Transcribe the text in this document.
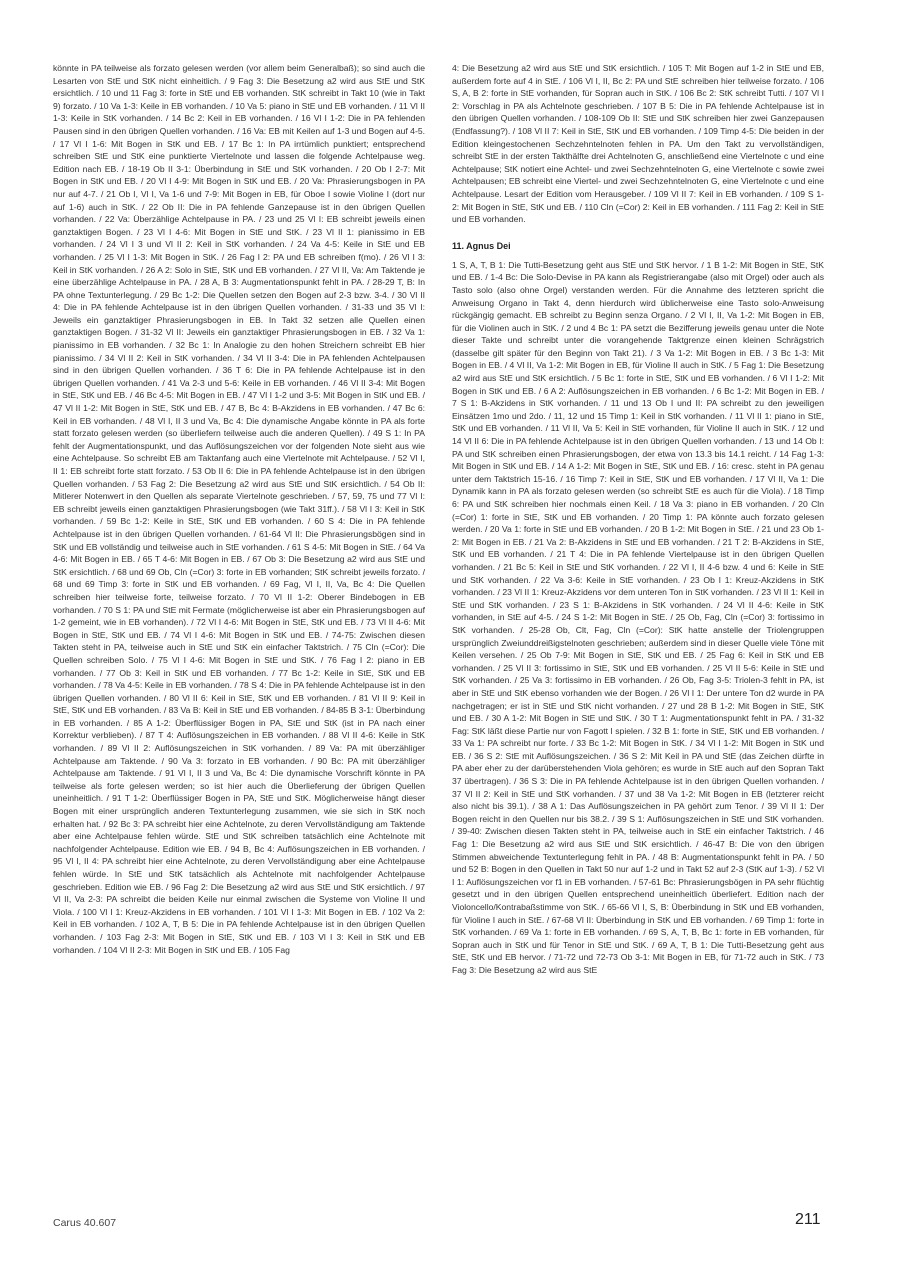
könnte in PA teilweise als forzato gelesen werden (vor allem beim Generalbaß); so sind auch die Lesarten von StE und StK nicht einheitlich. / 9 Fag 3: Die Besetzung a2 wird aus StE und StK ersichtlich. / 10 und 11 Fag 3: forte in StE und EB vorhanden. StK schreibt in Takt 10 (wie in Takt 9) forzato. / 10 Va 1-3: Keile in EB vorhanden. / 10 Va 5: piano in StE und EB vorhanden. / 11 Vl II 1-3: Keile in StK vorhanden. / 14 Bc 2: Keil in EB vorhanden. / 16 Vl I 1-2: Die in PA fehlenden Pausen sind in den übrigen Quellen vorhanden. / 16 Va: EB mit Keilen auf 1-3 und Bogen auf 4-5. / 17 Vl I 1-6: Mit Bogen in StK und EB. / 17 Bc 1: In PA irrtümlich punktiert; entsprechend schreiben StE und StK eine punktierte Viertelnote und lassen die folgende Achtelpause weg. Edition nach EB. / 18-19 Ob II 3-1: Überbindung in StE und StK vorhanden. / 20 Ob I 2-7: Mit Bogen in StK und EB. / 20 Vl I 4-9: Mit Bogen in StK und EB. / 20 Va: Phrasierungsbogen in PA nur auf 4-7. / 21 Ob I, Vl I, Va 1-6 und 7-9: Mit Bogen in EB, für Oboe I sowie Violine I (dort nur auf 1-6) auch in StK. / 22 Ob II: Die in PA fehlende Ganzepause ist in den übrigen Quellen vorhanden. / 22 Va: Überzählige Achtelpause in PA. / 23 und 25 Vl I: EB schreibt jeweils einen ganztaktigen Bogen. / 23 Vl I 4-6: Mit Bogen in StE und StK. / 23 Vl II 1: pianissimo in EB vorhanden. / 24 Vl I 3 und Vl II 2: Keil in StK vorhanden. / 24 Va 4-5: Keile in StE und EB vorhanden. / 25 Vl I 1-3: Mit Bogen in StK. / 26 Fag I 2: PA und EB schreiben f(mo). / 26 Vl I 3: Keil in StK vorhanden. / 26 A 2: Solo in StE, StK und EB vorhanden. / 27 Vl II, Va: Am Taktende je eine überzählige Achtelpause in PA. / 28 A, B 3: Augmentationspunkt fehlt in PA. / 28-29 T, B: In PA ohne Textunterlegung. / 29 Bc 1-2: Die Quellen setzen den Bogen auf 2-3 bzw. 3-4. / 30 Vl II 4: Die in PA fehlende Achtelpause ist in den übrigen Quellen vorhanden. / 31-33 und 35 Vl I: Jeweils ein ganztaktiger Phrasierungsbogen in EB. In Takt 32 setzen alle Quellen einen ganztaktigen Bogen. / 31-32 Vl II: Jeweils ein ganztaktiger Phrasierungsbogen in EB. / 32 Va 1: pianissimo in EB vorhanden. / 32 Bc 1: In Analogie zu den hohen Streichern schreibt EB hier pianissimo. / 34 Vl II 2: Keil in StK vorhanden. / 34 Vl II 3-4: Die in PA fehlenden Achtelpausen sind in den übrigen Quellen vorhanden. / 36 T 6: Die in PA fehlende Achtelpause ist in den übrigen Quellen vorhanden. / 41 Va 2-3 und 5-6: Keile in EB vorhanden. / 46 Vl II 3-4: Mit Bogen in StE, StK und EB. / 46 Bc 4-5: Mit Bogen in EB. / 47 Vl I 1-2 und 3-5: Mit Bogen in StK und EB. / 47 Vl II 1-2: Mit Bogen in StE, StK und EB. / 47 B, Bc 4: B-Akzidens in EB vorhanden. / 47 Bc 6: Keil in EB vorhanden. / 48 Vl I, II 3 und Va, Bc 4: Die dynamische Angabe könnte in PA als forte statt forzato gelesen werden (so überliefern teilweise auch die anderen Quellen). / 49 S 1: In PA fehlt der Augmentationspunkt, und das Auflösungszeichen vor der folgenden Note sieht aus wie eine Achtelpause. So schreibt EB am Taktanfang auch eine Viertelnote mit Achtelpause. / 52 Vl I, II 1: EB schreibt forte statt forzato. / 53 Ob II 6: Die in PA fehlende Achtelpause ist in den übrigen Quellen vorhanden. / 53 Fag 2: Die Besetzung a2 wird aus StE und StK ersichtlich. / 54 Ob II: Mitlerer Notenwert in den Quellen als separate Viertelnote geschrieben. / 57, 59, 75 und 77 Vl I: EB schreibt jeweils einen ganztaktigen Phrasierungsbogen (wie Takt 31ff.). / 58 Vl I 3: Keil in StK vorhanden. / 59 Bc 1-2: Keile in StE, StK und EB vorhanden. / 60 S 4: Die in PA fehlende Achtelpause ist in den übrigen Quellen vorhanden. / 61-64 Vl II: Die Phrasierungsbögen sind in StK und EB vollständig und teilweise auch in StE vorhanden. / 61 S 4-5: Mit Bogen in StE. / 64 Va 4-6: Mit Bogen in EB. / 65 T 4-6: Mit Bogen in EB. / 67 Ob 3: Die Besetzung a2 wird aus StE und StK ersichtlich. / 68 und 69 Ob, Cln (=Cor) 3: forte in EB vorhanden; StK schreibt jeweils forzato. / 68 und 69 Timp 3: forte in StK und EB vorhanden. / 69 Fag, Vl I, II, Va, Bc 4: Die Quellen schreiben hier teilweise forte, teilweise forzato. / 70 Vl II 1-2: Oberer Bindebogen in EB vorhanden. / 70 S 1: PA und StE mit Fermate (möglicherweise ist aber ein Phrasierungsbogen auf 1-2 gemeint, wie in EB vorhanden). / 72 Vl I 4-6: Mit Bogen in StE, StK und EB. / 73 Vl II 4-6: Mit Bogen in StE, StK und EB. / 74 Vl I 4-6: Mit Bogen in StK und EB. / 74-75: Zwischen diesen Takten steht in PA, teilweise auch in StE und StK ein einfacher Taktstrich. / 75 Cln (=Cor): Die Quellen schreiben Solo. / 75 Vl I 4-6: Mit Bogen in StE und StK. / 76 Fag I 2: piano in EB vorhanden. / 77 Ob 3: Keil in StK und EB vorhanden. / 77 Bc 1-2: Keile in StE, StK und EB vorhanden. / 78 Va 4-5: Keile in EB vorhanden. / 78 S 4: Die in PA fehlende Achtelpause ist in den übrigen Quellen vorhanden. / 80 Vl II 6: Keil in StE, StK und EB vorhanden. / 81 Vl II 9: Keil in StE, StK und EB vorhanden. / 83 Va B: Keil in StE und EB vorhanden. / 84-85 B 3-1: Überbindung in EB vorhanden. / 85 A 1-2: Überflüssiger Bogen in PA, StE und StK (ist in PA nach einer Korrektur verblieben). / 87 T 4: Auflösungszeichen in EB vorhanden. / 88 Vl II 4-6: Keile in StK vorhanden. / 89 Vl II 2: Auflösungszeichen in StK vorhanden. / 89 Va: PA mit überzähliger Achtelpause am Taktende. / 90 Va 3: forzato in EB vorhanden. / 90 Bc: PA mit überzähliger Achtelpause am Taktende. / 91 Vl I, II 3 und Va, Bc 4: Die dynamische Vorschrift könnte in PA teilweise als forte gelesen werden; so ist hier auch die Überlieferung der übrigen Quellen uneinheitlich. / 91 T 1-2: Überflüssiger Bogen in PA, StE und StK. Möglicherweise hängt dieser Bogen mit einer ursprünglich anderen Textunterlegung zusammen, wie sie sich in StK noch erhalten hat. / 92 Bc 3: PA schreibt hier eine Achtelnote, zu deren Vervollständigung am Taktende aber eine Achtelpause fehlen würde. StE und StK schreiben tatsächlich eine Achtelnote mit nachfolgender Achtelpause. Edition wie EB. / 94 B, Bc 4: Auflösungszeichen in EB vorhanden. / 95 Vl I, II 4: PA schreibt hier eine Achtelnote, zu deren Vervollständigung aber eine Achtelpause fehlen würde. In StE und StK tatsächlich als Achtelnote mit nachfolgender Achtelpause geschrieben. Edition wie EB. / 96 Fag 2: Die Besetzung a2 wird aus StE und StK ersichtlich. / 97 Vl II, Va 2-3: PA schreibt die beiden Keile nur einmal zwischen die Systeme von Violine II und Viola. / 100 Vl I 1: Kreuz-Akzidens in EB vorhanden. / 101 Vl I 1-3: Mit Bogen in EB. / 102 Va 2: Keil in EB vorhanden. / 102 A, T, B 5: Die in PA fehlende Achtelpause ist in den übrigen Quellen vorhanden. / 103 Fag 2-3: Mit Bogen in StE, StK und EB. / 103 Vl I 3: Keil in StK und EB vorhanden. / 104 Vl II 2-3: Mit Bogen in StK und EB. / 105 Fag

4: Die Besetzung a2 wird aus StE und StK ersichtlich. / 105 T: Mit Bogen auf 1-2 in StE und EB, außerdem forte auf 4 in StE. / 106 Vl I, II, Bc 2: PA und StE schreiben hier teilweise forzato. / 106 S, A, B 2: forte in StE vorhanden, für Sopran auch in StK. / 106 Bc 2: StK schreibt Tutti. / 107 Vl I 2: Vorschlag in PA als Achtelnote geschrieben. / 107 B 5: Die in PA fehlende Achtelpause ist in den übrigen Quellen vorhanden. / 108-109 Ob II: StE und StK schreiben hier zwei Ganzepausen (Endfassung?). / 108 Vl II 7: Keil in StE, StK und EB vorhanden. / 109 Timp 4-5: Die beiden in der Edition kleingestochenen Sechzehntelnoten fehlen in PA. Um den Takt zu vervollständigen, schreibt StE in der ersten Takthälfte drei Achtelnoten G, anschließend eine Viertelnote c und eine Achtelpause; StK notiert eine Achtel- und zwei Sechzehntelnoten G, eine Viertelnote c sowie zwei Achtelpausen; EB schreibt eine Viertel- und zwei Sechzehntelnoten G, eine Viertelnote c und eine Achtelpause. Lesart der Edition vom Herausgeber. / 109 Vl II 7: Keil in EB vorhanden. / 109 S 1-2: Mit Bogen in StE, StK und EB. / 110 Cln (=Cor) 2: Keil in EB vorhanden. / 111 Fag 2: Keil in StE und EB vorhanden.

11. Agnus Dei

1 S, A, T, B 1: Die Tutti-Besetzung geht aus StE und StK hervor. / 1 B 1-2: Mit Bogen in StE, StK und EB. / 1-4 Bc: Die Solo-Devise in PA kann als Registrierangabe (also mit Orgel) oder auch als Tasto solo (also ohne Orgel) verstanden werden. Für die Annahme des letzteren spricht die Anweisung Organo in Takt 4, denn hierdurch wird üblicherweise eine Tasto solo-Anweisung rückgängig gemacht. EB schreibt zu Beginn senza Organo. / 2 Vl I, II, Va 1-2: Mit Bogen in EB, für die Violinen auch in StK. / 2 und 4 Bc 1: PA setzt die Bezifferung jeweils genau unter die Note dieser Takte und schreibt unter die vorangehende Taktgrenze einen kleinen Schrägstrich (dasselbe gilt später für den Beginn von Takt 21). / 3 Va 1-2: Mit Bogen in EB. / 3 Bc 1-3: Mit Bogen in EB. / 4 Vl II, Va 1-2: Mit Bogen in EB, für Violine II auch in StK. / 5 Fag 1: Die Besetzung a2 wird aus StE und StK ersichtlich. / 5 Bc 1: forte in StE, StK und EB vorhanden. / 6 Vl I 1-2: Mit Bogen in StK und EB. / 6 A 2: Auflösungszeichen in EB vorhanden. / 6 Bc 1-2: Mit Bogen in EB. / 7 S 1: B-Akzidens in StK vorhanden. / 11 und 13 Ob I und II: PA schreibt zu den jeweiligen Einsätzen 1mo und 2do. / 11, 12 und 15 Timp 1: Keil in StK vorhanden. / 11 Vl II 1: piano in StE, StK und EB vorhanden. / 11 Vl II, Va 5: Keil in StE vorhanden, für Violine II auch in StK. / 12 und 14 Vl II 6: Die in PA fehlende Achtelpause ist in den übrigen Quellen vorhanden. / 13 und 14 Ob I: PA und StK schreiben einen Phrasierungsbogen, der etwa von 13.3 bis 14.1 reicht. / 14 Fag 1-3: Mit Bogen in StK und EB. / 14 A 1-2: Mit Bogen in StE, StK und EB. / 16: cresc. steht in PA genau unter dem Taktstrich 15-16. / 16 Timp 7: Keil in StE, StK und EB vorhanden. / 17 Vl II, Va 1: Die Dynamik kann in PA als forzato gelesen werden (so schreibt StE es auch für die Viola). / 18 Timp 6: PA und StK schreiben hier nochmals einen Keil. / 18 Va 3: piano in EB vorhanden. / 20 Cln (=Cor) 1: forte in StE, StK und EB vorhanden. / 20 Timp 1: PA könnte auch forzato gelesen werden. / 20 Va 1: forte in StE und EB vorhanden. / 20 B 1-2: Mit Bogen in StE. / 21 und 23 Ob 1-2: Mit Bogen in EB. / 21 Va 2: B-Akzidens in StE und EB vorhanden. / 21 T 2: B-Akzidens in StE, StK und EB vorhanden. / 21 T 4: Die in PA fehlende Viertelpause ist in den übrigen Quellen vorhanden. / 21 Bc 5: Keil in StE und StK vorhanden. / 22 Vl I, II 4-6 bzw. 4 und 6: Keile in StE und StK vorhanden. / 22 Va 3-6: Keile in StE vorhanden. / 23 Ob I 1: Kreuz-Akzidens in StK vorhanden. / 23 Vl II 1: Kreuz-Akzidens vor dem unteren Ton in StK vorhanden. / 23 Vl II 1: Keil in StE und StK vorhanden. / 23 S 1: B-Akzidens in StK vorhanden. / 24 Vl II 4-6: Keile in StK vorhanden, in StE auf 4-5. / 24 S 1-2: Mit Bogen in StE. / 25 Ob, Fag, Cln (=Cor) 3: fortissimo in StK vorhanden. / 25-28 Ob, Clt, Fag, Cln (=Cor): StK hatte anstelle der Triolengruppen ursprünglich Zweiunddreißigstelnoten geschrieben; außerdem sind in dieser Quelle viele Töne mit Keilen versehen. / 25 Ob 7-9: Mit Bogen in StE, StK und EB. / 25 Fag 6: Keil in StK und EB vorhanden. / 25 Vl II 3: fortissimo in StE, StK und EB vorhanden. / 25 Vl II 5-6: Keile in StE und StK vorhanden. / 25 Va 3: fortissimo in EB vorhanden. / 26 Ob, Fag 3-5: Triolen-3 fehlt in PA, ist aber in StE und StK ebenso vorhanden wie der Bogen. / 26 Vl I 1: Der untere Ton d2 wurde in PA nachgetragen; er ist in StE und StK nicht vorhanden. / 27 und 28 B 1-2: Mit Bogen in StE, StK und EB. / 30 A 1-2: Mit Bogen in StE und StK. / 30 T 1: Augmentationspunkt fehlt in PA. / 31-32 Fag: StK läßt diese Partie nur von Fagott I spielen. / 32 B 1: forte in StE, StK und EB vorhanden. / 33 Va 1: PA schreibt nur forte. / 33 Bc 1-2: Mit Bogen in StK. / 34 Vl I 1-2: Mit Bogen in StK und EB. / 36 S 2: StE mit Auflösungszeichen. / 36 S 2: Mit Keil in PA und StE (das Zeichen dürfte in PA aber eher zu der darüberstehenden Viola gehören; es wurde in StE auch auf den Sopran Takt 37 übertragen). / 36 S 3: Die in PA fehlende Achtelpause ist in den übrigen Quellen vorhanden. / 37 Vl II 2: Keil in StE und StK vorhanden. / 37 und 38 Va 1-2: Mit Bogen in EB (letzterer reicht also nicht bis 39.1). / 38 A 1: Das Auflösungszeichen in PA gehört zum Tenor. / 39 Vl II 1: Der Bogen reicht in den Quellen nur bis 38.2. / 39 S 1: Auflösungszeichen in StE und StK vorhanden. / 39-40: Zwischen diesen Takten steht in PA, teilweise auch in StE ein einfacher Taktstrich. / 46 Fag 1: Die Besetzung a2 wird aus StE und StK ersichtlich. / 46-47 B: Die von den übrigen Stimmen abweichende Textunterlegung fehlt in PA. / 48 B: Augmentationspunkt fehlt in PA. / 50 und 52 B: Bogen in den Quellen in Takt 50 nur auf 1-2 und in Takt 52 auf 2-3 (StK auf 1-3). / 52 Vl I 1: Auflösungszeichen vor f1 in EB vorhanden. / 57-61 Bc: Phrasierungsbögen in PA sehr flüchtig gesetzt und in den übrigen Quellen entsprechend uneinheitlich überliefert. Edition nach der Violoncello/Kontrabaßstimme von StK. / 65-66 Vl I, S, B: Überbindung in StK und EB vorhanden, für Violine I auch in StE. / 67-68 Vl II: Überbindung in StK und EB vorhanden. / 69 Timp 1: forte in StK vorhanden. / 69 Va 1: forte in EB vorhanden. / 69 S, A, T, B, Bc 1: forte in EB vorhanden, für Sopran auch in StK und für Tenor in StE und StK. / 69 A, T, B 1: Die Tutti-Besetzung geht aus StE, StK und EB hervor. / 71-72 und 72-73 Ob 3-1: Mit Bogen in EB, für 71-72 auch in StK. / 73 Fag 3: Die Besetzung a2 wird aus StE

Carus 40.607	211
